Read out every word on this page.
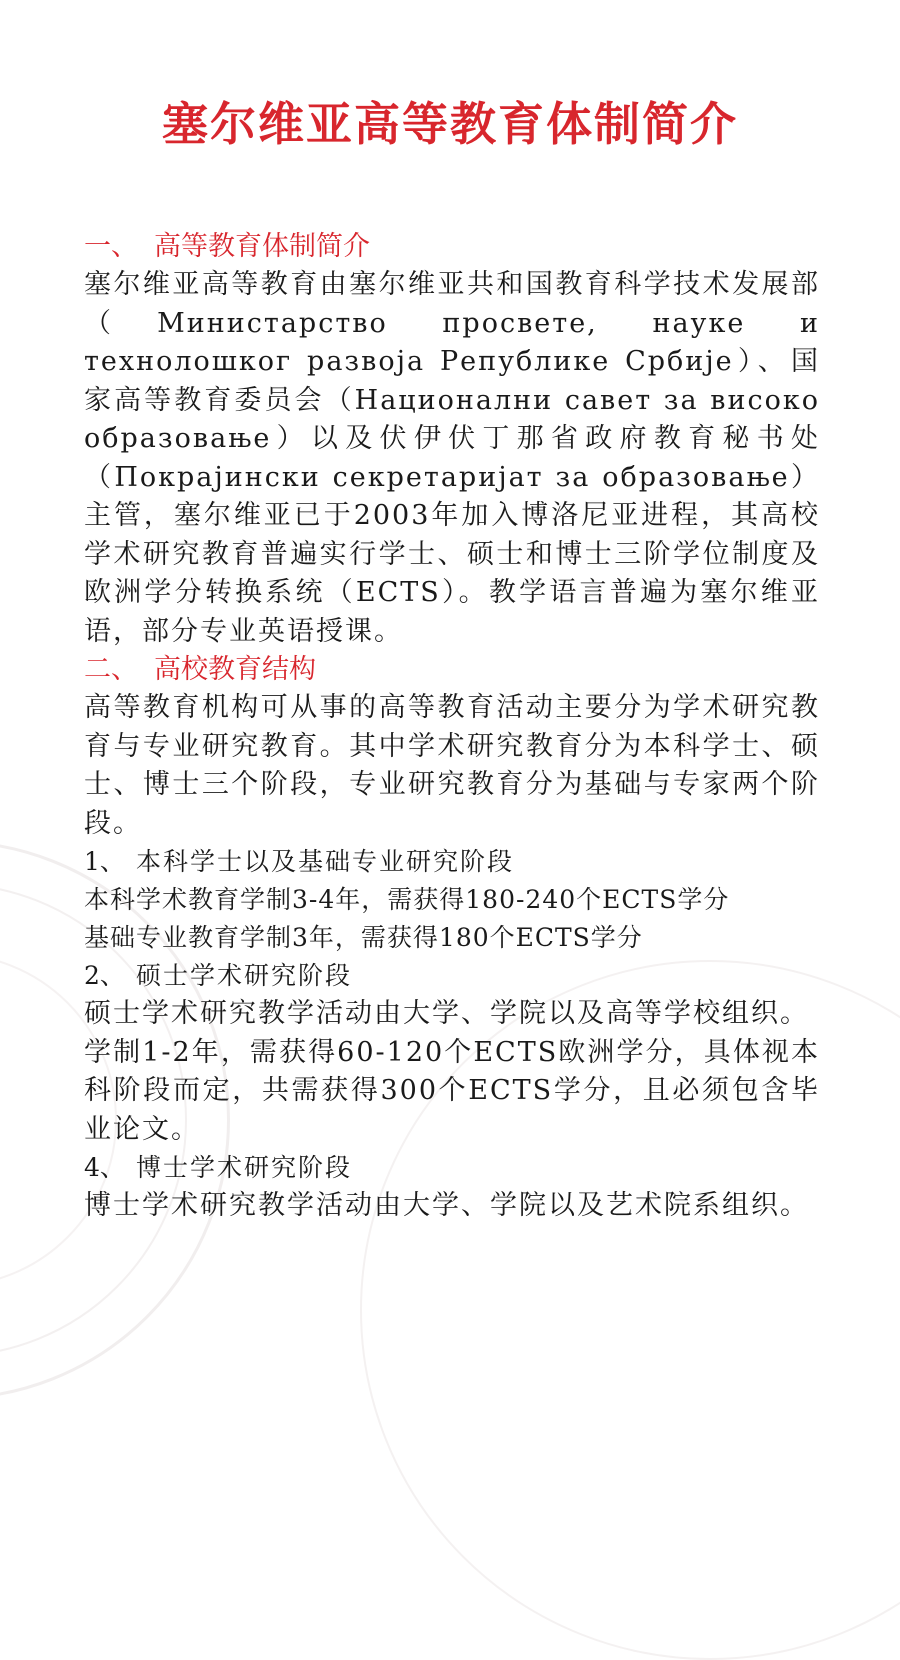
塞尔维亚高等教育体制简介

一、 高等教育体制简介

塞尔维亚高等教育由塞尔维亚共和国教育科学技术发展部（Министарство просвете, науке и технолошког развоја Републике Србије）、国家高等教育委员会（Национални савет за високо образовање）以及伏伊伏丁那省政府教育秘书处（Покрајински секретаријат за образовање）主管，塞尔维亚已于2003年加入博洛尼亚进程，其高校学术研究教育普遍实行学士、硕士和博士三阶学位制度及欧洲学分转换系统（ECTS）。教学语言普遍为塞尔维亚语，部分专业英语授课。

二、 高校教育结构

高等教育机构可从事的高等教育活动主要分为学术研究教育与专业研究教育。其中学术研究教育分为本科学士、硕士、博士三个阶段，专业研究教育分为基础与专家两个阶段。

1、 本科学士以及基础专业研究阶段

本科学术教育学制3-4年，需获得180-240个ECTS学分

基础专业教育学制3年，需获得180个ECTS学分

2、 硕士学术研究阶段

硕士学术研究教学活动由大学、学院以及高等学校组织。

学制1-2年，需获得60-120个ECTS欧洲学分，具体视本科阶段而定，共需获得300个ECTS学分，且必须包含毕业论文。

4、 博士学术研究阶段

博士学术研究教学活动由大学、学院以及艺术院系组织。
